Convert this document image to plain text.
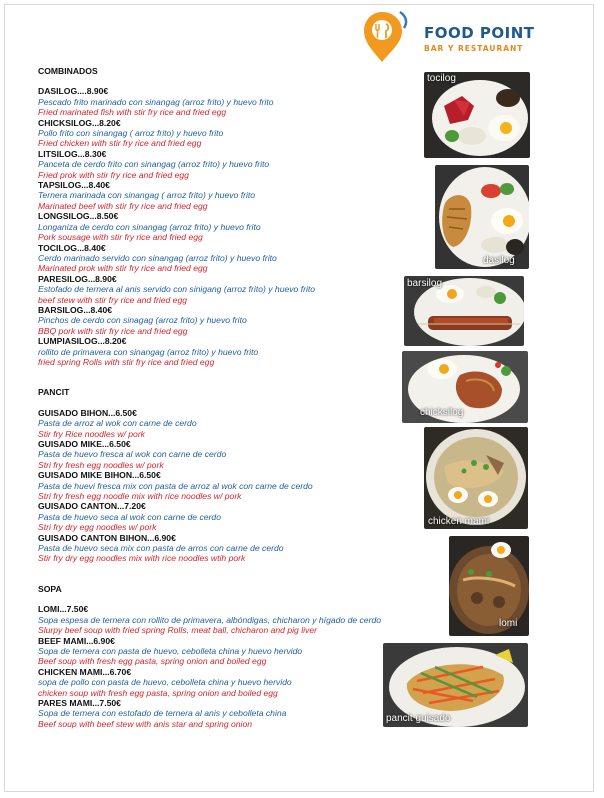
FOOD POINT
BAR Y RESTAURANT
COMBINADOS
DASILOG....8.90€
Pescado frito marinado con sinangag (arroz frito) y huevo frito
Fried marinated fish with stir fry rice and fried egg
CHICKSILOG...8.20€
Pollo frito con sinangag ( arroz frito) y huevo frito
Fried chicken with stir fry rice and fried egg
LITSILOG...8.30€
Panceta de cerdo frito con sinangag (arroz frito) y huevo frito
Fried prok with stir fry rice and fried egg
TAPSILOG...8.40€
Ternera marinada con sinangag ( arroz frito) y huevo frito
Marinated beef with stir fry rice and fried egg
LONGSILOG...8.50€
Longaniza de cerdo con sinangag (arroz frito) y huevo frito
Pork sousage with stir fry rice and fried egg
TOCILOG...8.40€
Cerdo marinado servido con sinangag (arroz frito) y huevo frito
Marinated prok with stir fry rice and fried egg
PARESILOG...8.90€
Estofado de ternera al anis servido con sinigang (arroz frito) y huevo frito
beef stew with stir fry rice and fried egg
BARSILOG...8.40€
Pinchos de cerdo con sinagag (arroz frito) y huevo frito
BBQ pork with stir fry rice and fried egg
LUMPIASILOG...8.20€
rollito de primavera con sinangag (arroz frito) y huevo frito
fried spring Rolls with stir fry rice and fried egg
PANCIT
GUISADO BIHON...6.50€
Pasta de arroz al wok con carne de cerdo
Stir fry Rice noodles w/ pork
GUISADO MIKE...6.50€
Pasta de huevo fresca al wok con carne de cerdo
Stri fry fresh egg noodles w/ pork
GUISADO MIKE BIHON...6.50€
Pasta de huevi fresca mix con pasta de arroz al wok con carne de cerdo
Stri fry fresh egg noodle mix with rice noodles w/ pork
GUISADO CANTON...7.20€
Pasta de huevo seca al wok con carne de cerdo
Stri fry dry egg noodles w/ pork
GUISADO CANTON BIHON...6.90€
Pasta de huevo seca mix con pasta de arros con carne de cerdo
Stir fry dry egg noodles mix with rice noodles wtih pork
SOPA
LOMI...7.50€
Sopa espesa de ternera con rollito de primavera, albóndigas, chicharon y hígado de cerdo
Slurpy beef soup with fried spring Rolls, meat ball, chicharon and pig liver
BEEF MAMI...6.90€
Sopa de ternera con pasta de huevo, cebolleta china y huevo hervido
Beef soup with fresh egg pasta, spring onion and boiled egg
CHICKEN MAMI...6.70€
sopa de pollo con pasta de huevo, cebolleta china y huevo hervido
chicken soup with fresh egg pasta, spring onion and boiled egg
PARES MAMI...7.50€
Sopa de ternera con estofado de ternera al anis y cebolleta china
Beef soup with beef stew with anis star and spring onion
tocilog
dasilog
barsilog
chicksilog
chicken mami
lomi
pancit guisado
